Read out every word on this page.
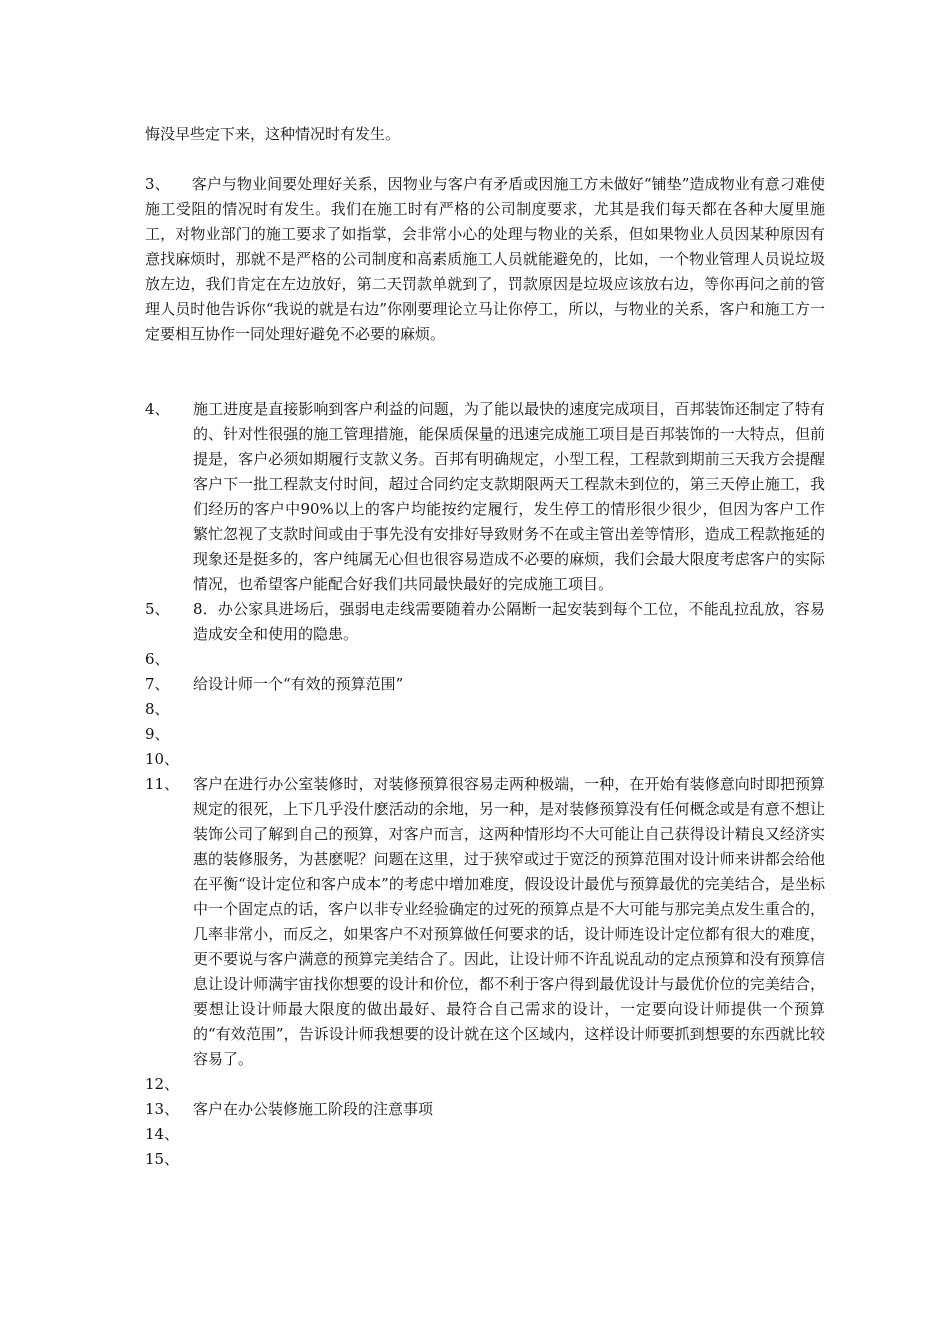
悔没早些定下来，这种情况时有发生。
3、 客户与物业间要处理好关系，因物业与客户有矛盾或因施工方未做好“铺垫”造成物业有意刁难使施工受阻的情况时有发生。我们在施工时有严格的公司制度要求，尤其是我们每天都在各种大厦里施工，对物业部门的施工要求了如指掌，会非常小心的处理与物业的关系，但如果物业人员因某种原因有意找麻烦时，那就不是严格的公司制度和高素质施工人员就能避免的，比如，一个物业管理人员说垃圾放左边，我们肯定在左边放好，第二天罚款单就到了，罚款原因是垃圾应该放右边，等你再问之前的管理人员时他告诉你“我说的就是右边”你刚要理论立马让你停工，所以，与物业的关系，客户和施工方一定要相互协作一同处理好避免不必要的麻烦。
4、	施工进度是直接影响到客户利益的问题，为了能以最快的速度完成项目，百邦装饰还制定了特有的、针对性很强的施工管理措施，能保质保量的迅速完成施工项目是百邦装饰的一大特点，但前提是，客户必须如期履行支款义务。百邦有明确规定，小型工程，工程款到期前三天我方会提醒客户下一批工程款支付时间，超过合同约定支款期限两天工程款未到位的，第三天停止施工，我们经历的客户中90%以上的客户均能按约定履行，发生停工的情形很少很少，但因为客户工作繁忙忽视了支款时间或由于事先没有安排好导致财务不在或主管出差等情形，造成工程款拖延的现象还是挺多的，客户纯属无心但也很容易造成不必要的麻烦，我们会最大限度考虑客户的实际情况，也希望客户能配合好我们共同最快最好的完成施工项目。
5、	8．办公家具进场后，强弱电走线需要随着办公隔断一起安装到每个工位，不能乱拉乱放，容易造成安全和使用的隐患。
6、
7、	给设计师一个“有效的预算范围”
8、
9、
10、
11、 客户在进行办公室装修时，对装修预算很容易走两种极端，一种，在开始有装修意向时即把预算规定的很死，上下几乎没什麽活动的余地，另一种，是对装修预算没有任何概念或是有意不想让装饰公司了解到自己的预算，对客户而言，这两种情形均不大可能让自己获得设计精良又经济实惠的装修服务，为甚麽呢？问题在这里，过于狭窄或过于宽泛的预算范围对设计师来讲都会给他在平衡“设计定位和客户成本”的考虑中增加难度，假设设计最优与预算最优的完美结合，是坐标中一个固定点的话，客户以非专业经验确定的过死的预算点是不大可能与那完美点发生重合的，几率非常小，而反之，如果客户不对预算做任何要求的话，设计师连设计定位都有很大的难度，更不要说与客户满意的预算完美结合了。因此，让设计师不许乱说乱动的定点预算和没有预算信息让设计师满宇宙找你想要的设计和价位，都不利于客户得到最优设计与最优价位的完美结合，要想让设计师最大限度的做出最好、最符合自己需求的设计，一定要向设计师提供一个预算的“有效范围”，告诉设计师我想要的设计就在这个区域内，这样设计师要抓到想要的东西就比较容易了。
12、
13、 客户在办公装修施工阶段的注意事项
14、
15、
